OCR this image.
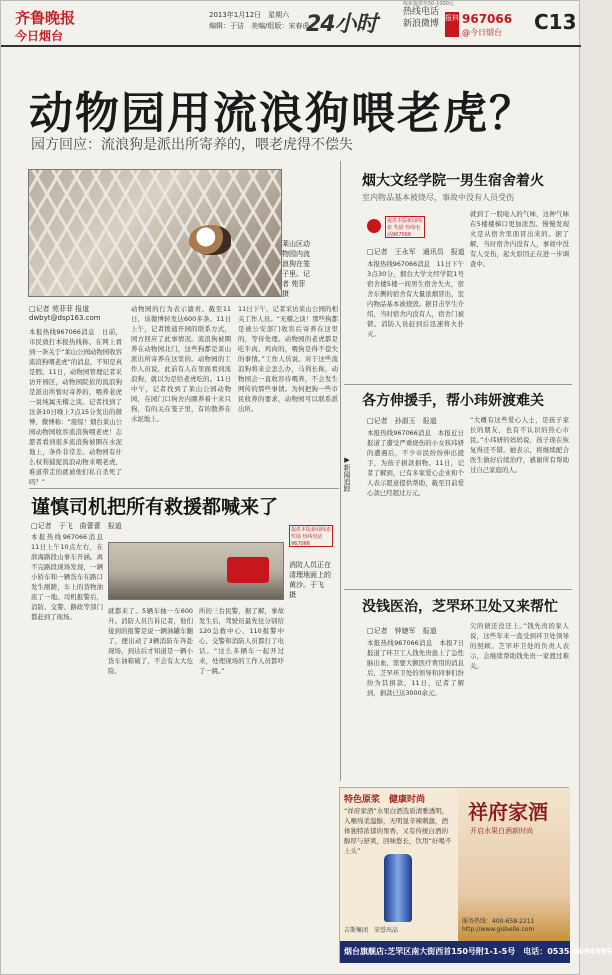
齐鲁晚报
今日烟台
2013年1月12日　星期六
编辑：于洁　美编/组版：宋春虎
24小时
线索提供奖50-1000元
热线电话
新浪微博
报料 967066
@今日烟台 C13
动物园用流浪狗喂老虎？
园方回应：流浪狗是派出所寄养的，喂老虎得不偿失
莱山区动物园内流浪狗在笼子里。记者 苑菲 摄
□记者 苑菲菲 报道
dwbyt@dsp163.com
本报热线967066消息　日前，市民致打本报热线称，在网上看到一条关于“莱山公园动物园收容流浪狗喂老虎”的消息，不知是真是假。11日，动物园管理记者采访开园区，动物园院依的流浪狗是派出所暂时寄养的，喂养老虎一说纯属无稽之谈。记者找到了这条10日晚上7点15分发出的微博，微博称：“震惊！烟台莱山公园动物园收容流浪狗喂老虎！志愿者看到很多流浪狗被圈在水泥地上，条件非常差。动物园有什么权利捕捉流浪动物来喂老虎，难道带走的就被他们私自杀死了吗？”
动物园的行为表示谴责。截至11日，该微博转发达600多条。11日上午，记者拨通开园的联系方式，园方回应了此事情况。流浪狗被圈养在动物园北门，这些狗都是莱山派出所寄养在这里的。动物园的工作人员说，此前有人在里面看到流浪狗，就以为是给老虎吃的。11日中午，记者找到了莱山公园动物园，在园门口狗舍内圈养着十来只狗，有的关在笼子里，有的散养在水泥地上。
11日下午，记者采访莱山公园的相关工作人员。“无稽之谈！那些狗都是被公安部门收容后寄养在这里的，等待处理。动物园的老虎都是吃牛肉、鸡肉的，喂狗是得不偿失的事情。”工作人员说。对于这些流浪狗将来会怎么办，马利长称，动物园会一直收容待喂养，不会发生网传的那些事情。为何把狗一些市民收养的要求，动物园可以联系派出所。
谨慎司机把所有救援都喊来了
□记者　于飞　曲蕾蕾　报道	提供本版新闻线索 奖励 热线电话967066
本报热线967066消息　11日上午10点左右，在滨海路段山事车开涵。离不完路段现场发现，一辆小轿车和一辆货车在路口发生剐蹭，车上的货物油流了一地。司机报警后，消防、交警、路政等部门都赶到了现场。
消防人员正在清理地面上的黄沙。于飞 摄
就都来了。5辆车抽一车600升。消防人员告诉记者，他们接到的报警是说一辆油罐车翻了，便出动了3辆消防车奔赴现场，到达后才知道是一辆小货车油箱破了，不会有太大危险。
所的三台民警，据了解，事故发生后，驾驶员最先往分别给120急救中心、110报警中心、交警和消防人员都打了电话。“这么多辆车一起开过来，处理现场的工作人员都吓了一跳。”
烟大文经学院一男生宿舍着火
室内物品基本被烧尽，事故中没有人员受伤
提供本版新闻线索 奖励 热线电话967066
□记者　王永军　通讯员　报道
本报热线967066消息　11日下午3点30分，烟台大学文经学院1号宿舍楼5楼一间男生宿舍失火，宿舍东侧的宿舍有大量浓烟冒出，室内物品基本被烧毁。据目击学生介绍，当时宿舍内没有人，宿舍门被锁。消防人员赶到后迅速将火扑灭。
就到了一股呛人的气味，这种气味在5楼楼梯口更加浓烈。慢慢发现火是从宿舍里面冒出来的。据了解，当时宿舍内没有人，事故中没有人受伤，起火原因正在进一步调查中。
▶新闻追踪
各方伸援手，帮小玮妍渡难关
□记者　孙淑玉　报道
本报热线967066消息　本报近日报道了遭受严重烧伤的小女孩玮妍的遭遇后，不少市民纷纷伸出援手，为孩子捐款捐物。11日，记者了解到，已有多家爱心企业和个人表示愿意提供帮助，截至目前爱心款已经超过万元。
“大概有这些爱心人士，是孩子家长的朋友，也有不认识的热心市民。”小玮妍的妈妈说，孩子现在恢复得还不错。她表示，将继续配合医生做好后续治疗，感谢所有帮助过自己家庭的人。
没钱医治，芝罘环卫处又来帮忙
□记者　钟婕军　报道
本报热线967066消息　本报7日报道了环卫工人钱先贵患上了急性脑出血，需要大额医疗费用的消息后，芝罘环卫处的领导和同事们纷纷为其捐款，11日，记者了解到，捐款已达3000余元。
欠的债还没还上。”钱先贵的家人说，这些年来一直受到环卫处领导的照顾。芝罘环卫处的负责人表示，会继续帮助钱先贵一家渡过难关。
特色原浆　健康时尚
“祥府家酒”水果白酒选质清雅透明，入喉绵柔温醇，无明显辛辣刺激，酒体独特浓郁的果香，又有传统白酒的醇厚与舒爽，回味悠长，饮用“好喝不上头”
吉斯集团　荣誉出品
祥府家酒
开启水果白酒新时尚
服务热线：400-658-2211
http://www.gisbelle.com
烟台旗舰店:芝罘区南大街西首150号附1-1-5号　电话：0535-6694999
